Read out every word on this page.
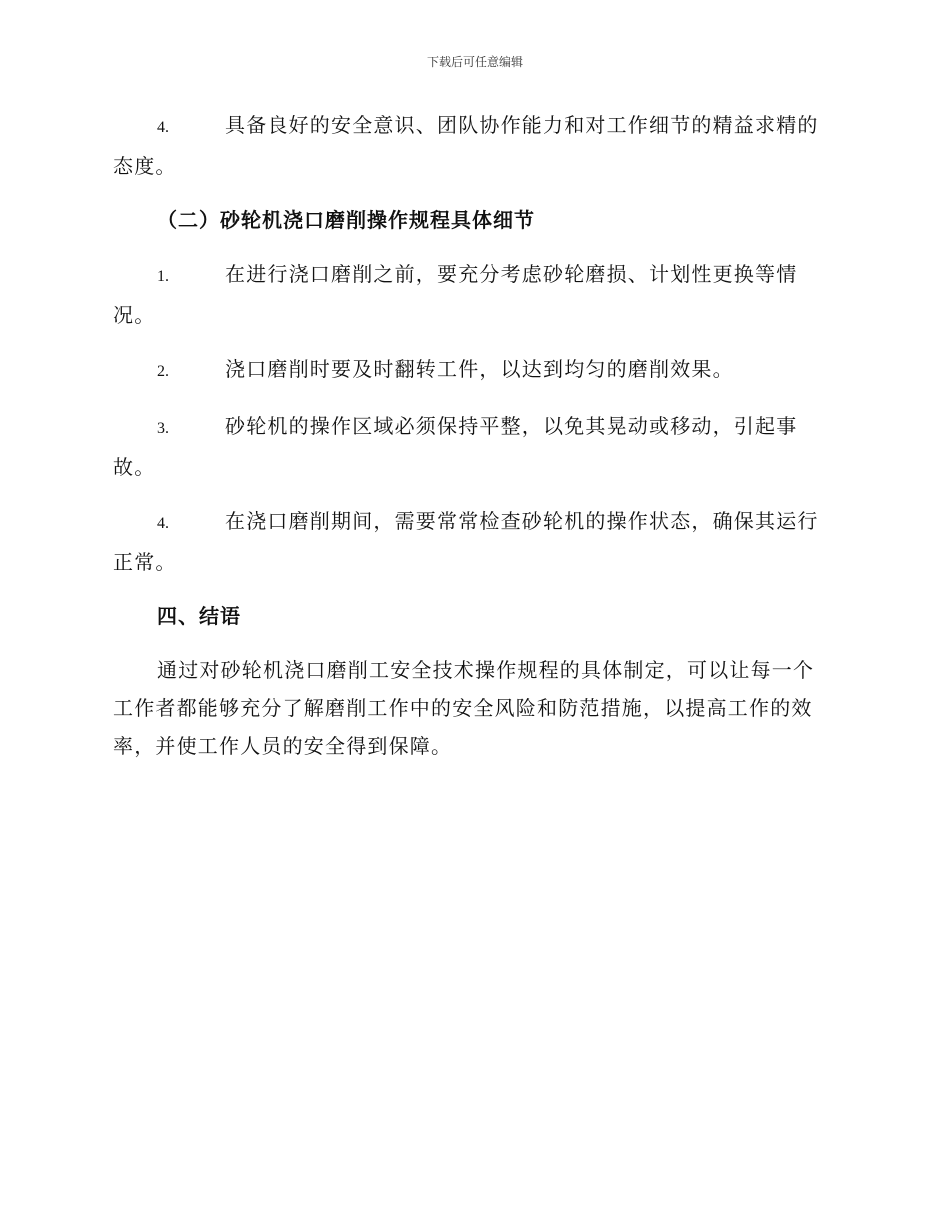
下载后可任意编辑
4.	具备良好的安全意识、团队协作能力和对工作细节的精益求精的态度。
（二）砂轮机浇口磨削操作规程具体细节
1.	在进行浇口磨削之前，要充分考虑砂轮磨损、计划性更换等情况。
2.	浇口磨削时要及时翻转工件，以达到均匀的磨削效果。
3.	砂轮机的操作区域必须保持平整，以免其晃动或移动，引起事故。
4.	在浇口磨削期间，需要常常检查砂轮机的操作状态，确保其运行正常。
四、结语
通过对砂轮机浇口磨削工安全技术操作规程的具体制定，可以让每一个工作者都能够充分了解磨削工作中的安全风险和防范措施，以提高工作的效率，并使工作人员的安全得到保障。
